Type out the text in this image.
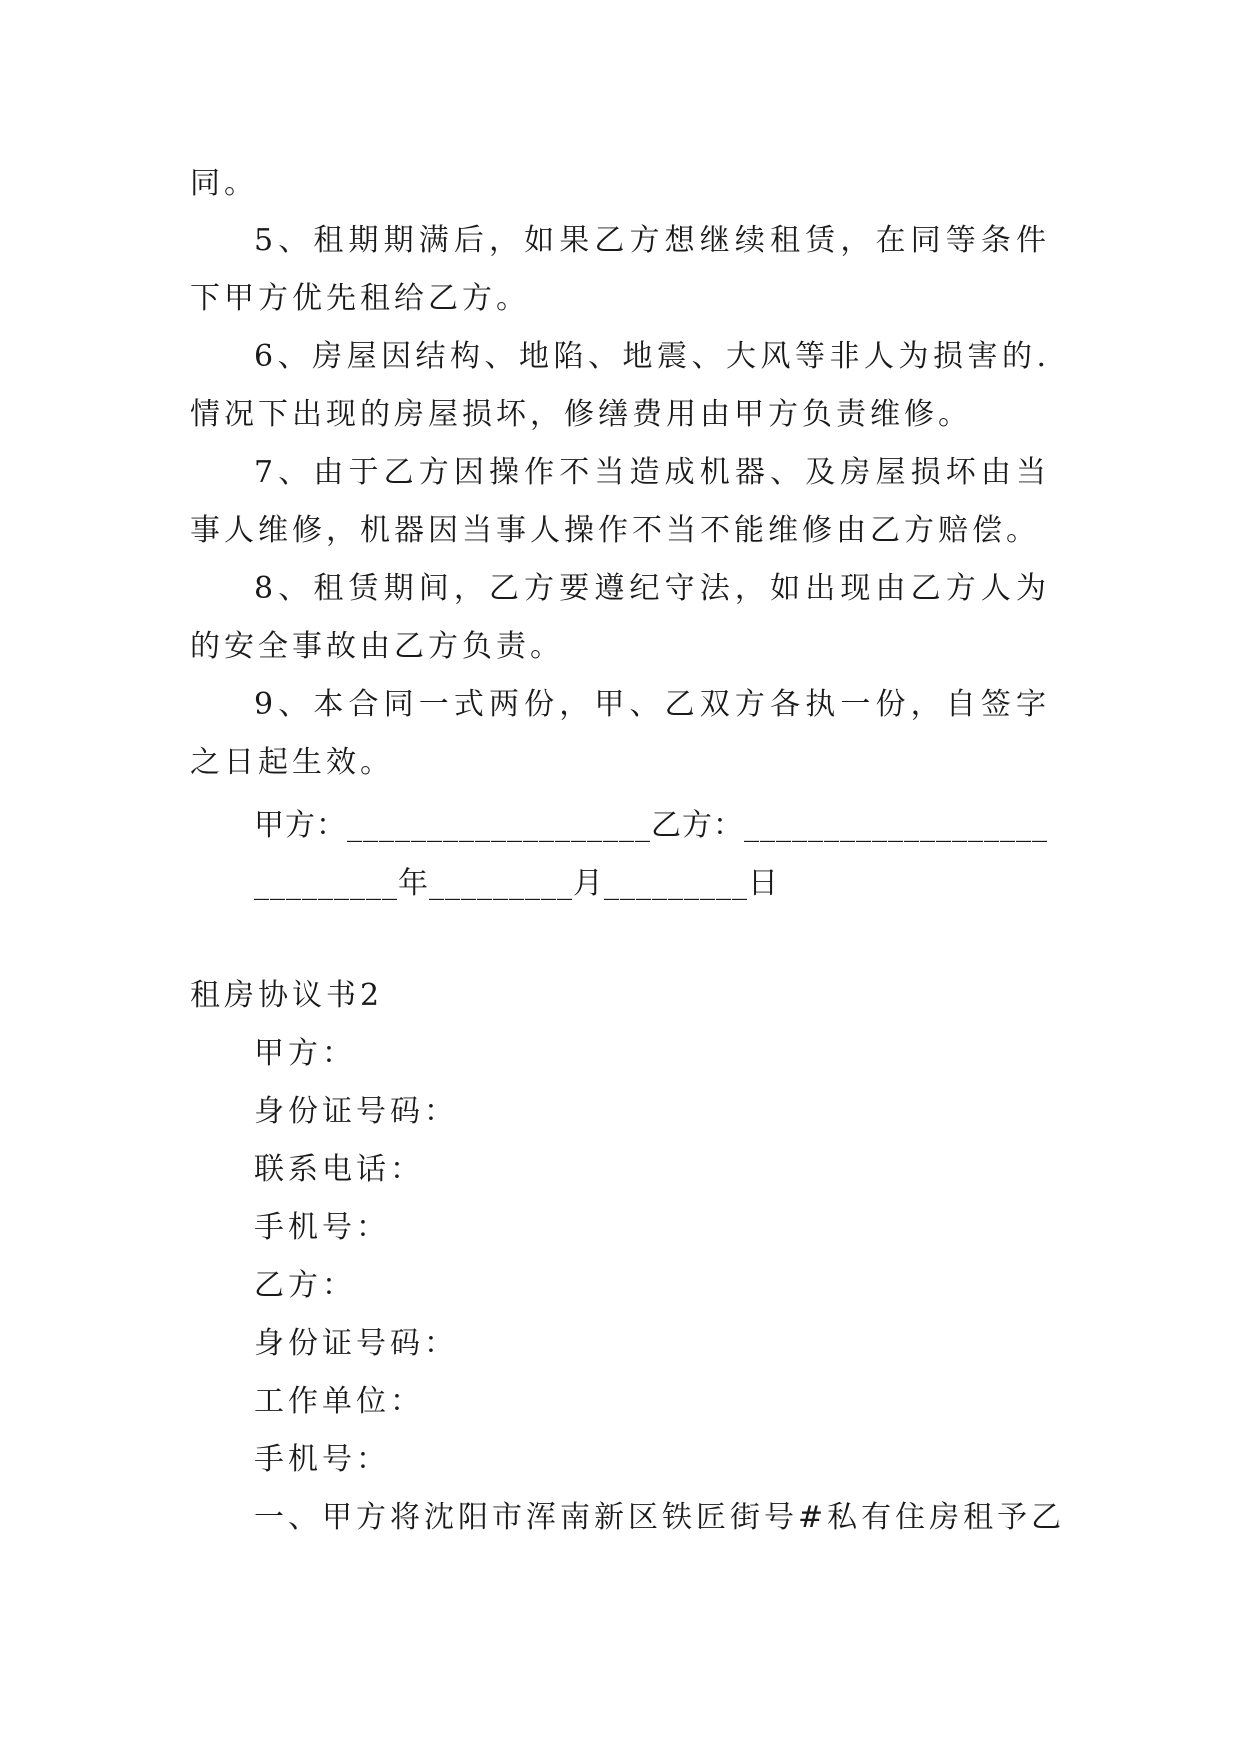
同。
5、租期期满后，如果乙方想继续租赁，在同等条件下甲方优先租给乙方。
6、房屋因结构、地陷、地震、大风等非人为损害的.情况下出现的房屋损坏，修缮费用由甲方负责维修。
7、由于乙方因操作不当造成机器、及房屋损坏由当事人维修，机器因当事人操作不当不能维修由乙方赔偿。
8、租赁期间，乙方要遵纪守法，如出现由乙方人为的安全事故由乙方负责。
9、本合同一式两份，甲、乙双方各执一份，自签字之日起生效。
甲方：___________________乙方：___________________
_________年_________月_________日
租房协议书2
甲方：
身份证号码：
联系电话：
手机号：
乙方：
身份证号码：
工作单位：
手机号：
一、甲方将沈阳市浑南新区铁匠街号#私有住房租予乙
